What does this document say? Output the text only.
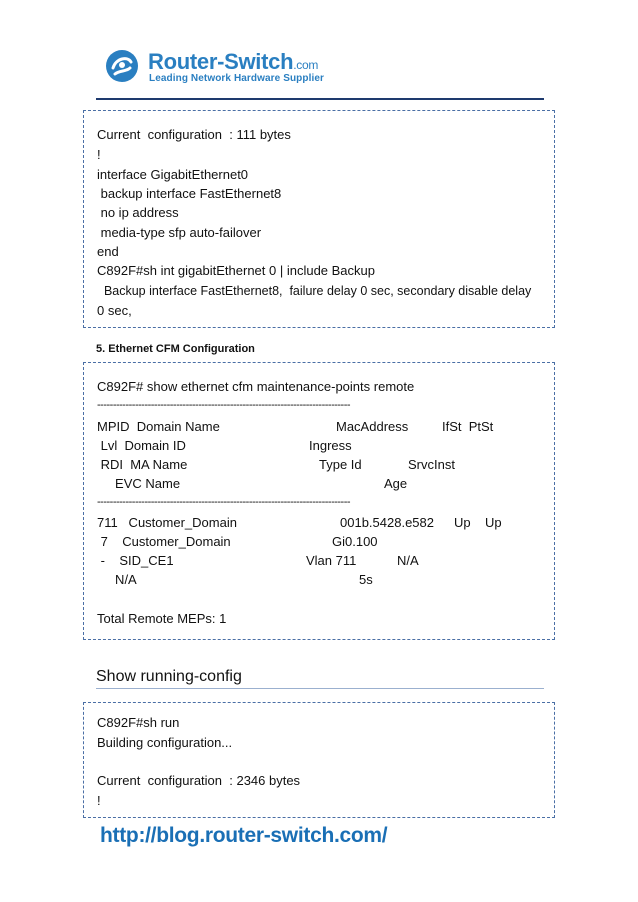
Router-Switch.com
Leading Network Hardware Supplier
Current  configuration  : 111 bytes
!
interface GigabitEthernet0
backup interface FastEthernet8
no ip address
media-type sfp auto-failover
end
C892F#sh int gigabitEthernet 0 | include Backup
Backup interface FastEthernet8,  failure delay 0 sec, secondary disable delay
0 sec,
5. Ethernet CFM Configuration
C892F# show ethernet cfm maintenance-points remote
--------------------------------------------------------------------------------
MPID  Domain Name	MacAddress	IfSt  PtSt
Lvl  Domain ID	Ingress
RDI  MA Name	Type Id	SrvcInst
EVC Name	Age
--------------------------------------------------------------------------------
711   Customer_Domain	001b.5428.e582 Up Up
7    Customer_Domain	Gi0.100
-    SID_CE1	Vlan 711	N/A
N/A	5s
Total Remote MEPs: 1
Show running-config
C892F#sh run
Building configuration...
Current  configuration  : 2346 bytes
!
http://blog.router-switch.com/
